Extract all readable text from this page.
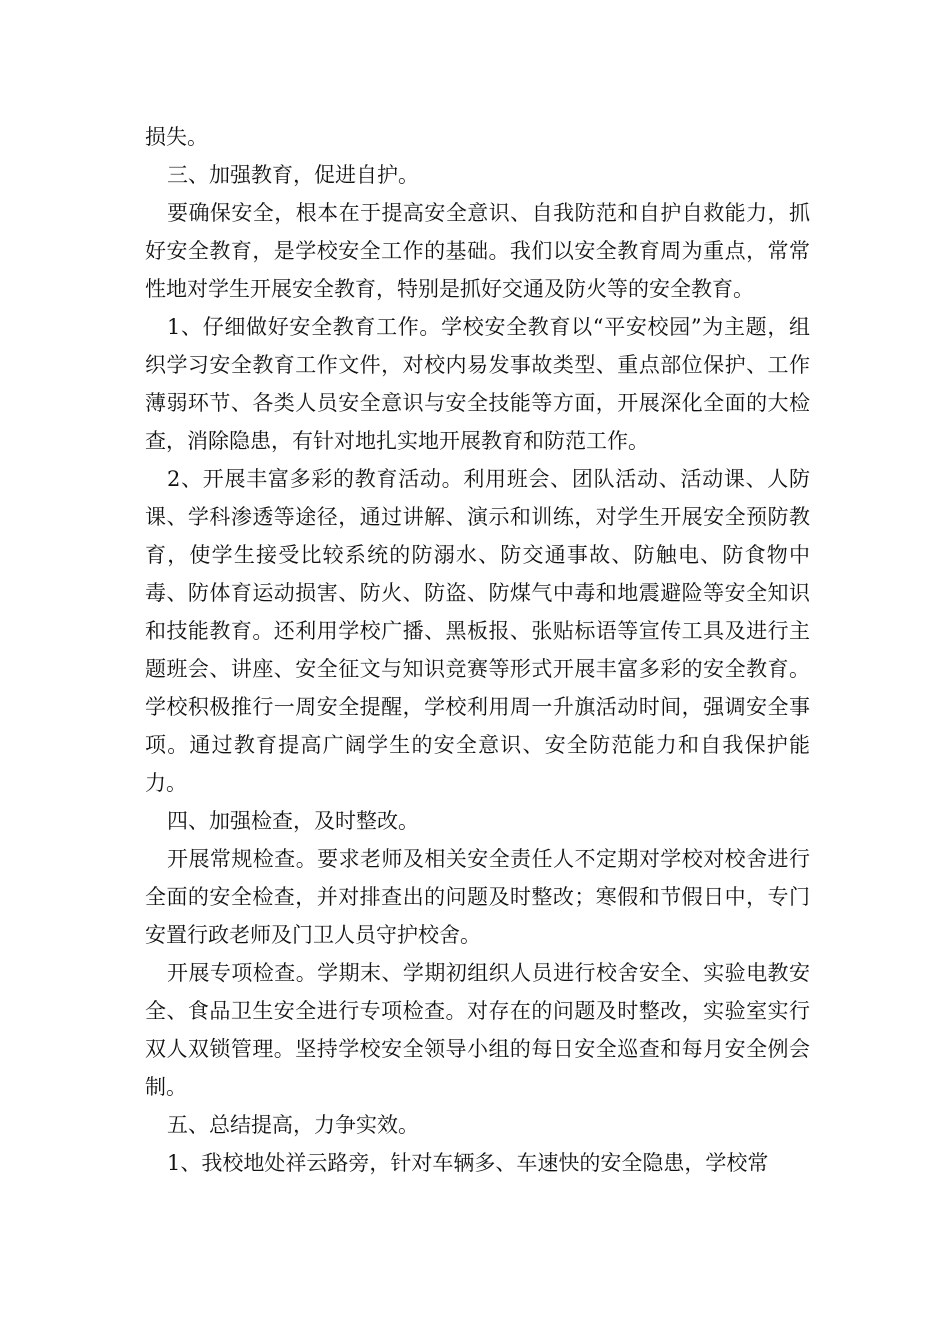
损失。

三、加强教育，促进自护。

要确保安全，根本在于提高安全意识、自我防范和自护自救能力，抓好安全教育，是学校安全工作的基础。我们以安全教育周为重点，常常性地对学生开展安全教育，特别是抓好交通及防火等的安全教育。

1、仔细做好安全教育工作。学校安全教育以“平安校园”为主题，组织学习安全教育工作文件，对校内易发事故类型、重点部位保护、工作薄弱环节、各类人员安全意识与安全技能等方面，开展深化全面的大检查，消除隐患，有针对地扎实地开展教育和防范工作。

2、开展丰富多彩的教育活动。利用班会、团队活动、活动课、人防课、学科渗透等途径，通过讲解、演示和训练，对学生开展安全预防教育，使学生接受比较系统的防溺水、防交通事故、防触电、防食物中毒、防体育运动损害、防火、防盗、防煤气中毒和地震避险等安全知识和技能教育。还利用学校广播、黑板报、张贴标语等宣传工具及进行主题班会、讲座、安全征文与知识竞赛等形式开展丰富多彩的安全教育。学校积极推行一周安全提醒，学校利用周一升旗活动时间，强调安全事项。通过教育提高广阔学生的安全意识、安全防范能力和自我保护能力。

四、加强检查，及时整改。

开展常规检查。要求老师及相关安全责任人不定期对学校对校舍进行全面的安全检查，并对排查出的问题及时整改；寒假和节假日中，专门安置行政老师及门卫人员守护校舍。

开展专项检查。学期末、学期初组织人员进行校舍安全、实验电教安全、食品卫生安全进行专项检查。对存在的问题及时整改，实验室实行双人双锁管理。坚持学校安全领导小组的每日安全巡查和每月安全例会制。

五、总结提高，力争实效。

1、我校地处祥云路旁，针对车辆多、车速快的安全隐患，学校常
